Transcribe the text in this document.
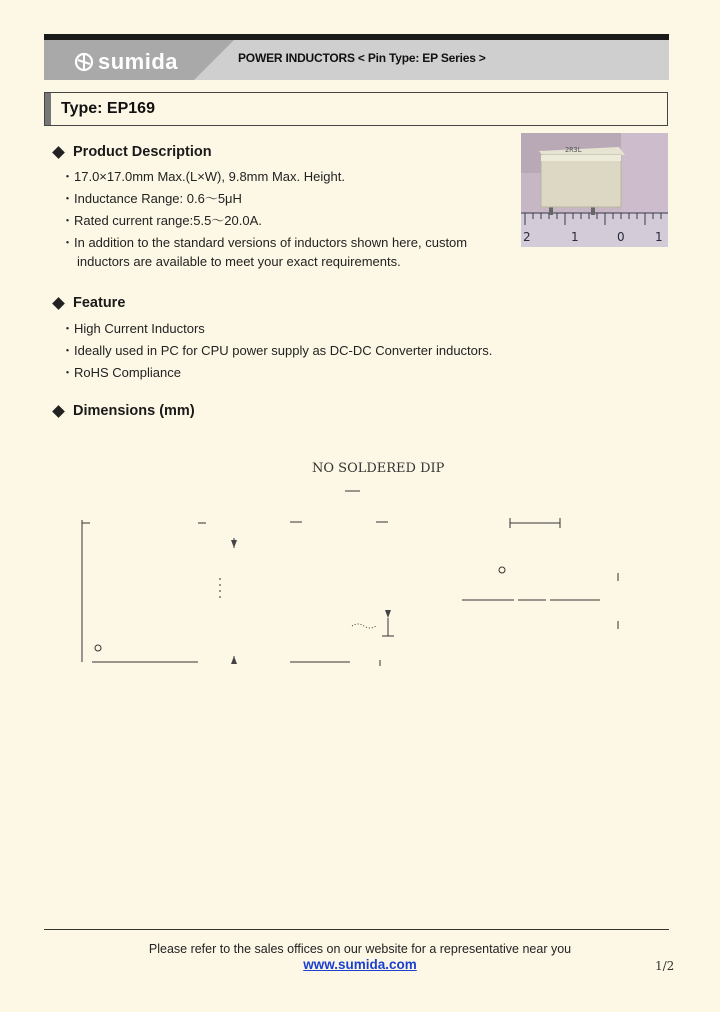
sumida	POWER INDUCTORS < Pin Type: EP Series >
Type: EP169
Product Description
・17.0×17.0mm Max.(L×W), 9.8mm Max. Height.
・Inductance Range: 0.6～5μH
・Rated current range:5.5～20.0A.
・In addition to the standard versions of inductors shown here, custom
inductors are available to meet your exact requirements.
2	1	0	1
2R3L
Feature
・High Current Inductors
・Ideally used in PC for CPU power supply as DC-DC Converter inductors.
・RoHS Compliance
Dimensions (mm)
NO SOLDERED DIP
Please refer to the sales offices on our website for a representative near you
www.sumida.com	1/2
